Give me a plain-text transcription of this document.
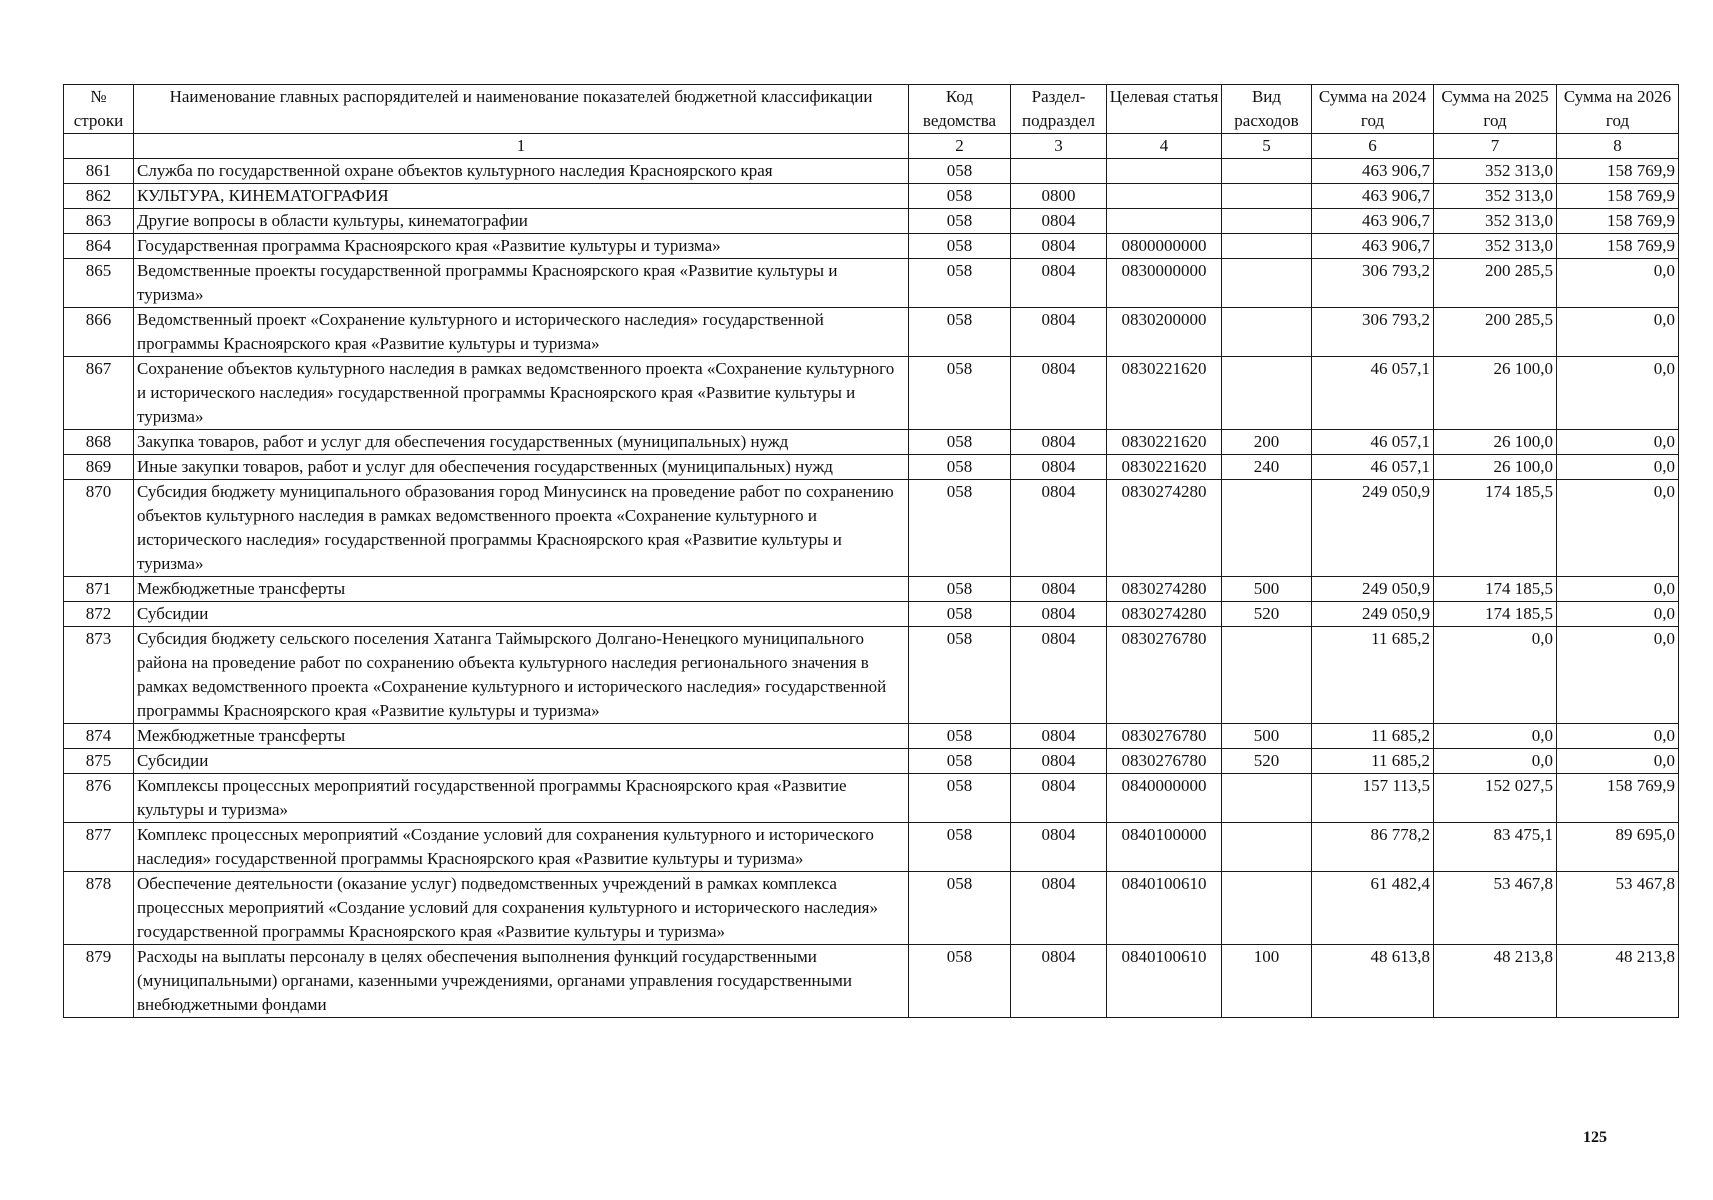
№ строки	Наименование главных распорядителей и наименование показателей бюджетной классификации	Код ведомства	Раздел-подраздел	Целевая статья	Вид расходов	Сумма на 2024 год	Сумма на 2025 год	Сумма на 2026 год
	1	2	3	4	5	6	7	8
861	Служба по государственной охране объектов культурного наследия Красноярского края	058				463 906,7	352 313,0	158 769,9
862	КУЛЬТУРА, КИНЕМАТОГРАФИЯ	058	0800			463 906,7	352 313,0	158 769,9
863	Другие вопросы в области культуры, кинематографии	058	0804			463 906,7	352 313,0	158 769,9
864	Государственная программа Красноярского края «Развитие культуры и туризма»	058	0804	0800000000		463 906,7	352 313,0	158 769,9
865	Ведомственные проекты государственной программы Красноярского края «Развитие культуры и туризма»	058	0804	0830000000		306 793,2	200 285,5	0,0
866	Ведомственный проект «Сохранение культурного и исторического наследия» государственной программы Красноярского края «Развитие культуры и туризма»	058	0804	0830200000		306 793,2	200 285,5	0,0
867	Сохранение объектов культурного наследия в рамках ведомственного проекта «Сохранение культурного и исторического наследия» государственной программы Красноярского края «Развитие культуры и туризма»	058	0804	0830221620		46 057,1	26 100,0	0,0
868	Закупка товаров, работ и услуг для обеспечения государственных (муниципальных) нужд	058	0804	0830221620	200	46 057,1	26 100,0	0,0
869	Иные закупки товаров, работ и услуг для обеспечения государственных (муниципальных) нужд	058	0804	0830221620	240	46 057,1	26 100,0	0,0
870	Субсидия бюджету муниципального образования город Минусинск на проведение работ по сохранению объектов культурного наследия в рамках ведомственного проекта «Сохранение культурного и исторического наследия» государственной программы Красноярского края «Развитие культуры и туризма»	058	0804	0830274280		249 050,9	174 185,5	0,0
871	Межбюджетные трансферты	058	0804	0830274280	500	249 050,9	174 185,5	0,0
872	Субсидии	058	0804	0830274280	520	249 050,9	174 185,5	0,0
873	Субсидия бюджету сельского поселения Хатанга Таймырского Долгано-Ненецкого муниципального района на проведение работ по сохранению объекта культурного наследия регионального значения в рамках ведомственного проекта «Сохранение культурного и исторического наследия» государственной программы Красноярского края «Развитие культуры и туризма»	058	0804	0830276780		11 685,2	0,0	0,0
874	Межбюджетные трансферты	058	0804	0830276780	500	11 685,2	0,0	0,0
875	Субсидии	058	0804	0830276780	520	11 685,2	0,0	0,0
876	Комплексы процессных мероприятий государственной программы Красноярского края «Развитие культуры и туризма»	058	0804	0840000000		157 113,5	152 027,5	158 769,9
877	Комплекс процессных мероприятий «Создание условий для сохранения культурного и исторического наследия» государственной программы Красноярского края «Развитие культуры и туризма»	058	0804	0840100000		86 778,2	83 475,1	89 695,0
878	Обеспечение деятельности (оказание услуг) подведомственных учреждений в рамках комплекса процессных мероприятий «Создание условий для сохранения культурного и исторического наследия» государственной программы Красноярского края «Развитие культуры и туризма»	058	0804	0840100610		61 482,4	53 467,8	53 467,8
879	Расходы на выплаты персоналу в целях обеспечения выполнения функций государственными (муниципальными) органами, казенными учреждениями, органами управления государственными внебюджетными фондами	058	0804	0840100610	100	48 613,8	48 213,8	48 213,8
125
